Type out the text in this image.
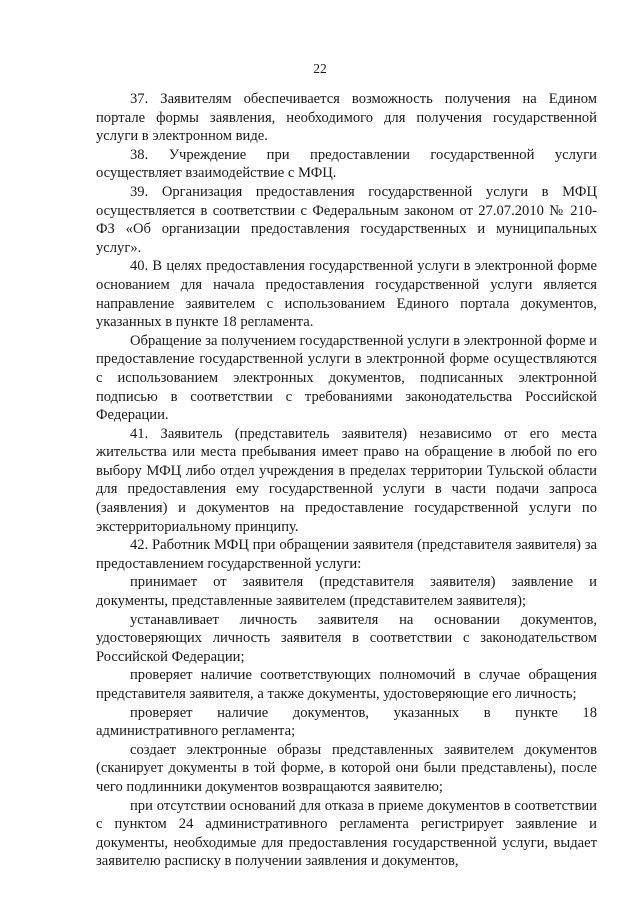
22

37. Заявителям обеспечивается возможность получения на Едином портале формы заявления, необходимого для получения государственной услуги в электронном виде.

38. Учреждение при предоставлении государственной услуги осуществляет взаимодействие с МФЦ.

39. Организация предоставления государственной услуги в МФЦ осуществляется в соответствии с Федеральным законом от 27.07.2010 № 210-ФЗ «Об организации предоставления государственных и муниципальных услуг».

40. В целях предоставления государственной услуги в электронной форме основанием для начала предоставления государственной услуги является направление заявителем с использованием Единого портала документов, указанных в пункте 18 регламента.

Обращение за получением государственной услуги в электронной форме и предоставление государственной услуги в электронной форме осуществляются с использованием электронных документов, подписанных электронной подписью в соответствии с требованиями законодательства Российской Федерации.

41. Заявитель (представитель заявителя) независимо от его места жительства или места пребывания имеет право на обращение в любой по его выбору МФЦ либо отдел учреждения в пределах территории Тульской области для предоставления ему государственной услуги в части подачи запроса (заявления) и документов на предоставление государственной услуги по экстерриториальному принципу.

42. Работник МФЦ при обращении заявителя (представителя заявителя) за предоставлением государственной услуги:

принимает от заявителя (представителя заявителя) заявление и документы, представленные заявителем (представителем заявителя);

устанавливает личность заявителя на основании документов, удостоверяющих личность заявителя в соответствии с законодательством Российской Федерации;

проверяет наличие соответствующих полномочий в случае обращения представителя заявителя, а также документы, удостоверяющие его личность;

проверяет наличие документов, указанных в пункте 18 административного регламента;

создает электронные образы представленных заявителем документов (сканирует документы в той форме, в которой они были представлены), после чего подлинники документов возвращаются заявителю;

при отсутствии оснований для отказа в приеме документов в соответствии с пунктом 24 административного регламента регистрирует заявление и документы, необходимые для предоставления государственной услуги, выдает заявителю расписку в получении заявления и документов,
